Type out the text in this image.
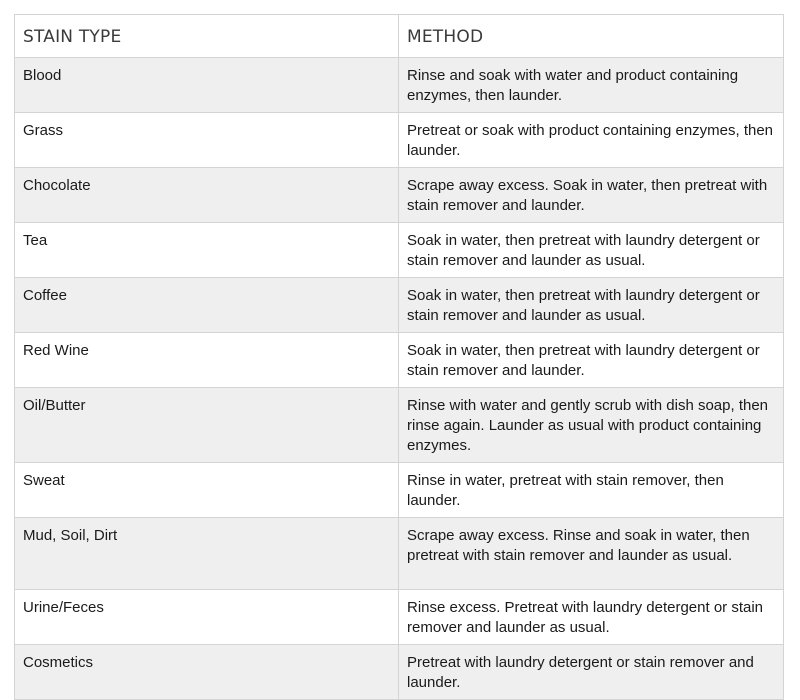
STAIN TYPE	METHOD
Blood	Rinse and soak with water and product containing enzymes, then launder.
Grass	Pretreat or soak with product containing enzymes, then launder.
Chocolate	Scrape away excess. Soak in water, then pretreat with stain remover and launder.
Tea	Soak in water, then pretreat with laundry detergent or stain remover and launder as usual.
Coffee	Soak in water, then pretreat with laundry detergent or stain remover and launder as usual.
Red Wine	Soak in water, then pretreat with laundry detergent or stain remover and launder.
Oil/Butter	Rinse with water and gently scrub with dish soap, then rinse again. Launder as usual with product containing enzymes.
Sweat	Rinse in water, pretreat with stain remover, then launder.
Mud, Soil, Dirt	Scrape away excess. Rinse and soak in water, then pretreat with stain remover and launder as usual.
Urine/Feces	Rinse excess. Pretreat with laundry detergent or stain remover and launder as usual.
Cosmetics	Pretreat with laundry detergent or stain remover and launder.
